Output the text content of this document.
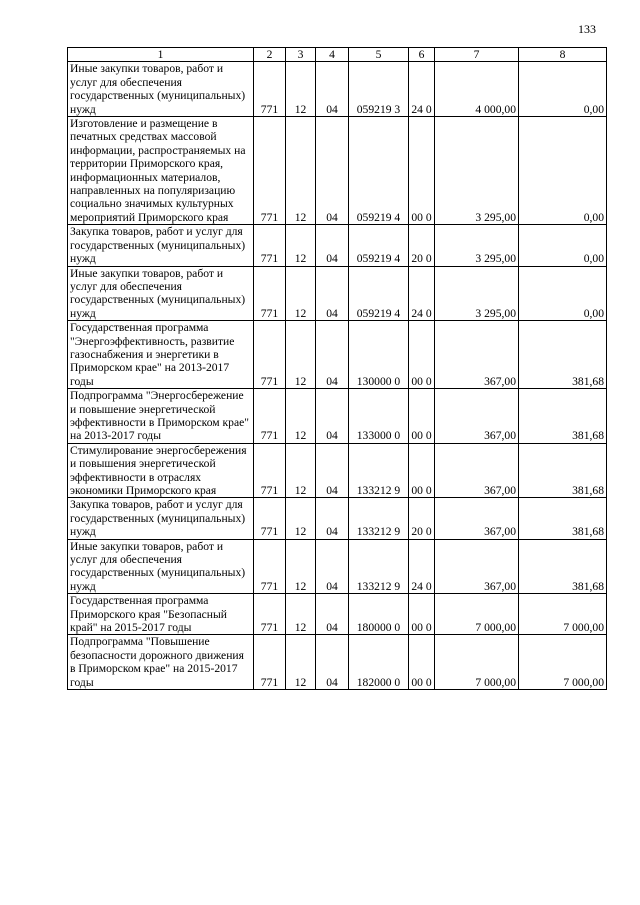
133
1	2	3	4	5	6	7	8
Иные закупки товаров, работ и услуг для обеспечения государственных (муниципальных) нужд	771	12	04	059219 3	24 0	4 000,00	0,00
Изготовление и размещение в печатных средствах массовой информации, распространяемых на территории Приморского края, информационных материалов, направленных на популяризацию социально значимых культурных мероприятий Приморского края	771	12	04	059219 4	00 0	3 295,00	0,00
Закупка товаров, работ и услуг для государственных (муниципальных) нужд	771	12	04	059219 4	20 0	3 295,00	0,00
Иные закупки товаров, работ и услуг для обеспечения государственных (муниципальных) нужд	771	12	04	059219 4	24 0	3 295,00	0,00
Государственная программа "Энергоэффективность, развитие газоснабжения и энергетики в Приморском крае" на 2013-2017 годы	771	12	04	130000 0	00 0	367,00	381,68
Подпрограмма "Энергосбережение и повышение энергетической эффективности в Приморском крае" на 2013-2017 годы	771	12	04	133000 0	00 0	367,00	381,68
Стимулирование энергосбережения и повышения энергетической эффективности в отраслях экономики Приморского края	771	12	04	133212 9	00 0	367,00	381,68
Закупка товаров, работ и услуг для государственных (муниципальных) нужд	771	12	04	133212 9	20 0	367,00	381,68
Иные закупки товаров, работ и услуг для обеспечения государственных (муниципальных) нужд	771	12	04	133212 9	24 0	367,00	381,68
Государственная программа Приморского края "Безопасный край" на 2015-2017 годы	771	12	04	180000 0	00 0	7 000,00	7 000,00
Подпрограмма "Повышение безопасности дорожного движения в Приморском крае" на 2015-2017 годы	771	12	04	182000 0	00 0	7 000,00	7 000,00
